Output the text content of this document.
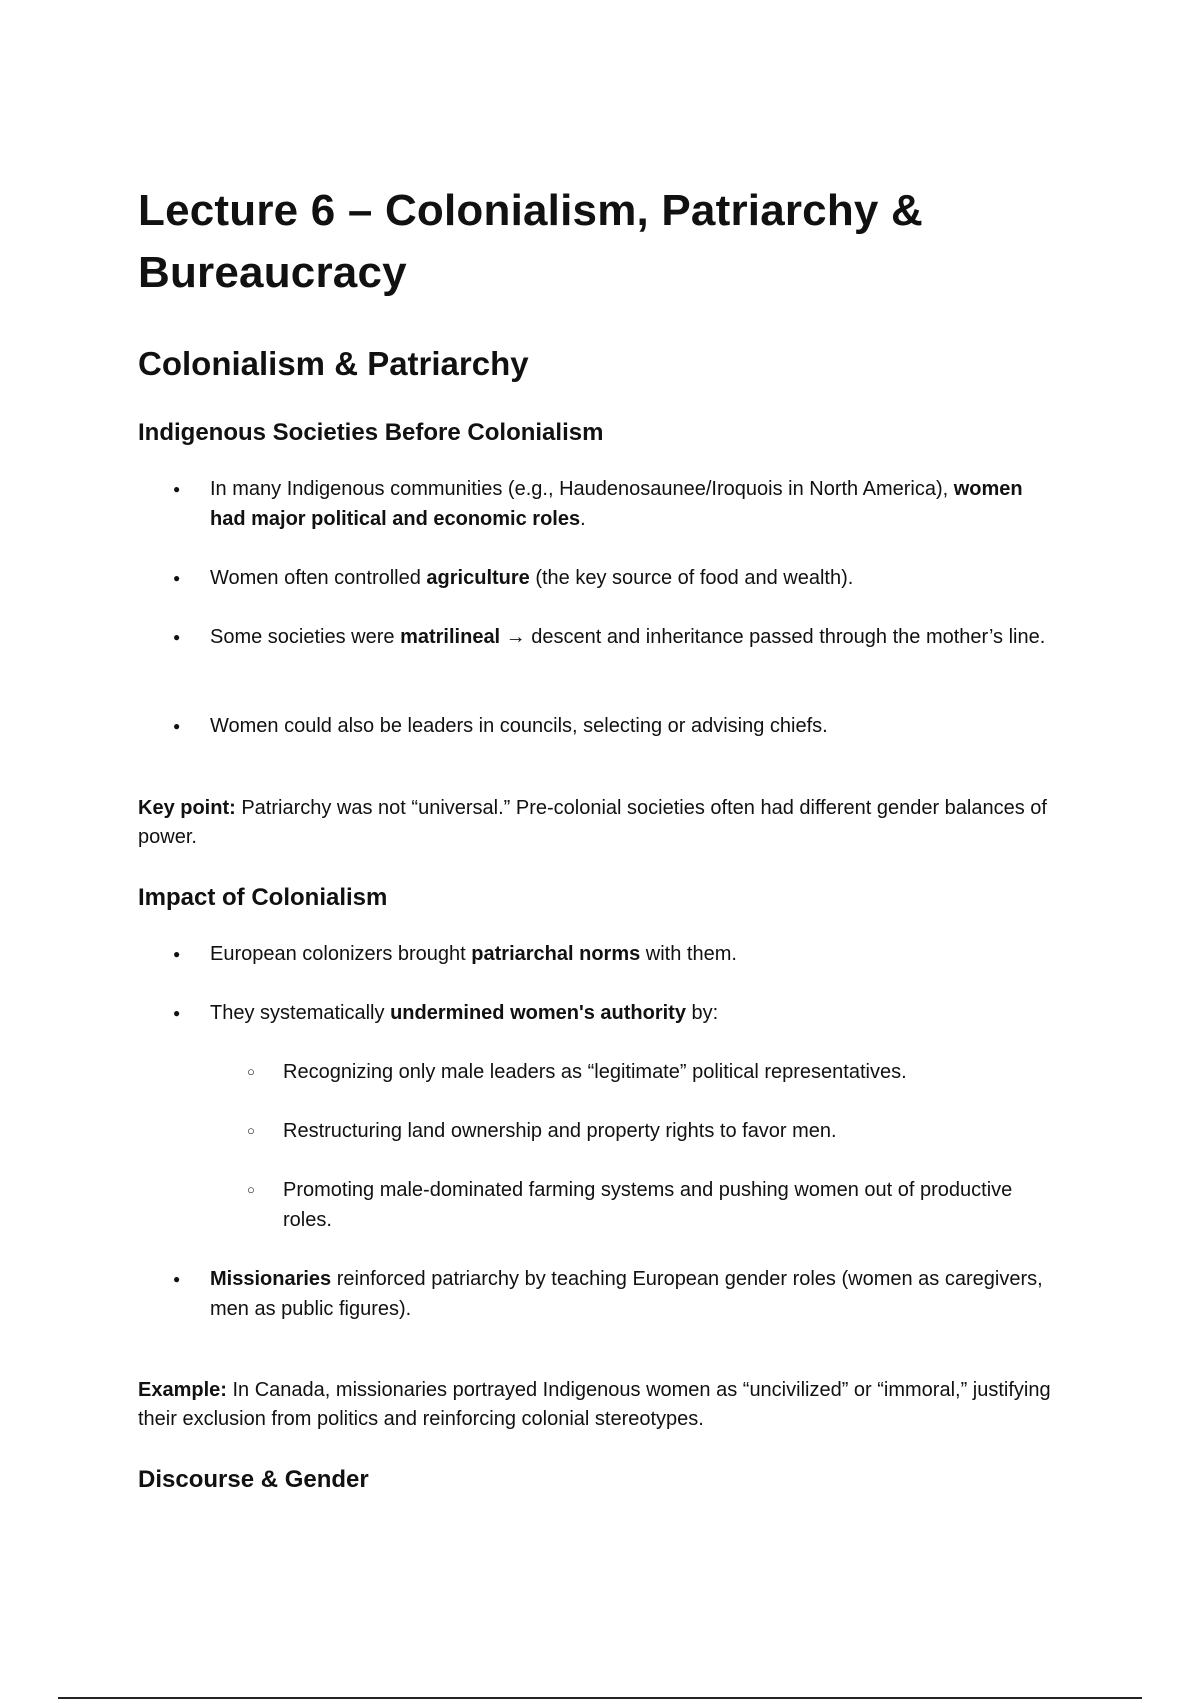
Lecture 6 – Colonialism, Patriarchy & Bureaucracy
Colonialism & Patriarchy
Indigenous Societies Before Colonialism
● In many Indigenous communities (e.g., Haudenosaunee/Iroquois in North America), women had major political and economic roles.
● Women often controlled agriculture (the key source of food and wealth).
● Some societies were matrilineal → descent and inheritance passed through the mother’s line.
● Women could also be leaders in councils, selecting or advising chiefs.

Key point: Patriarchy was not “universal.” Pre-colonial societies often had different gender balances of power.

Impact of Colonialism
● European colonizers brought patriarchal norms with them.
● They systematically undermined women's authority by:
○ Recognizing only male leaders as “legitimate” political representatives.
○ Restructuring land ownership and property rights to favor men.
○ Promoting male-dominated farming systems and pushing women out of productive roles.
● Missionaries reinforced patriarchy by teaching European gender roles (women as caregivers, men as public figures).

Example: In Canada, missionaries portrayed Indigenous women as “uncivilized” or “immoral,” justifying their exclusion from politics and reinforcing colonial stereotypes.

Discourse & Gender
